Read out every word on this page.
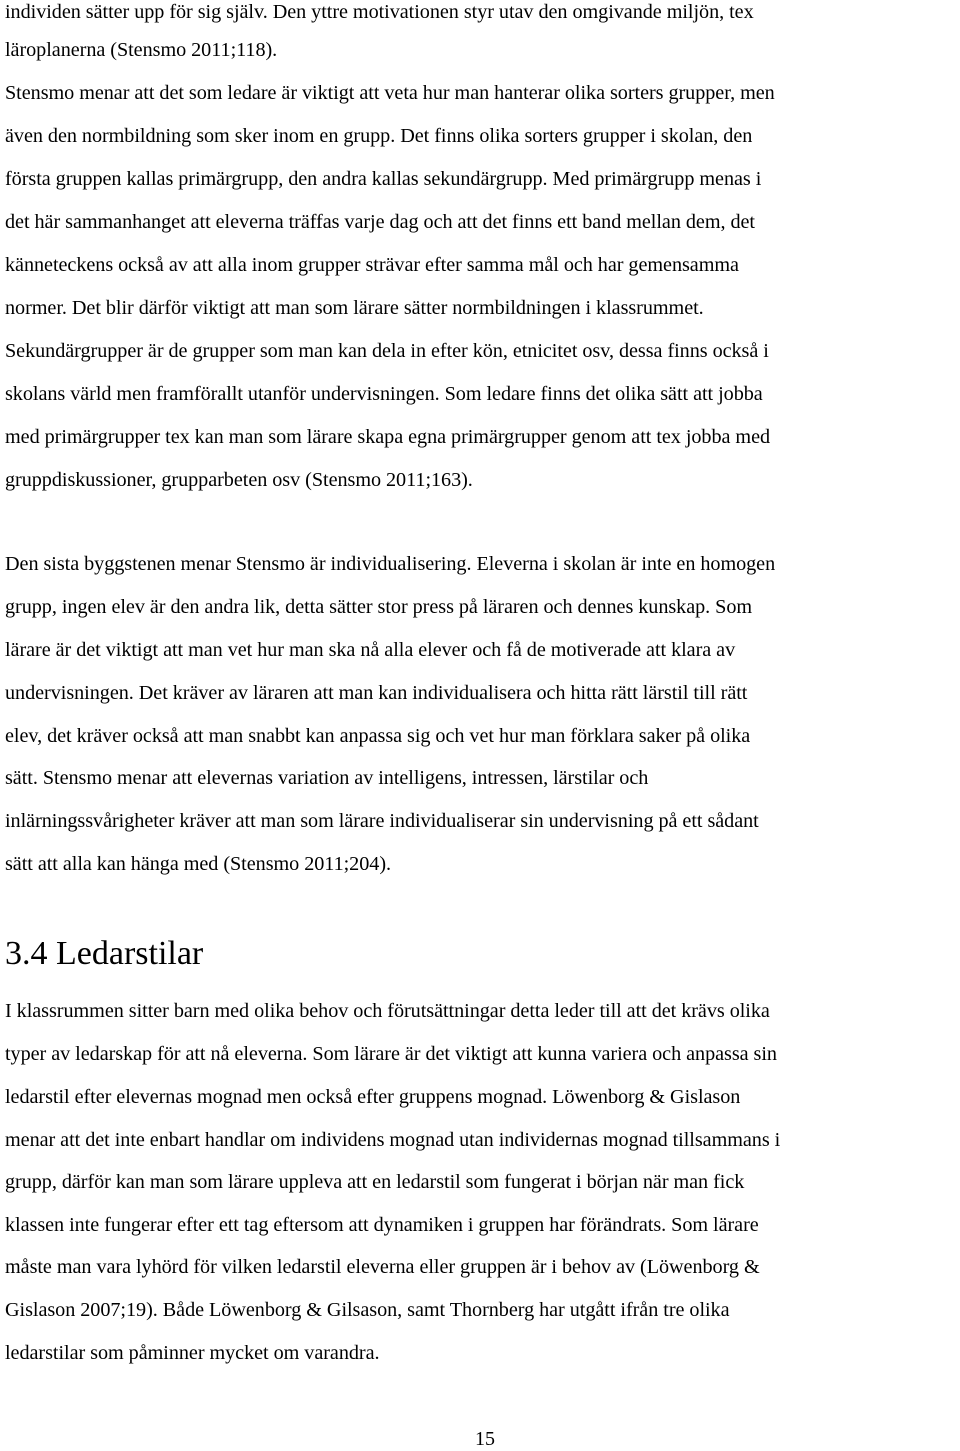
individen sätter upp för sig själv. Den yttre motivationen styr utav den omgivande miljön, tex
läroplanerna (Stensmo 2011;118).
Stensmo menar att det som ledare är viktigt att veta hur man hanterar olika sorters grupper, men
även den normbildning som sker inom en grupp. Det finns olika sorters grupper i skolan, den
första gruppen kallas primärgrupp, den andra kallas sekundärgrupp. Med primärgrupp menas i
det här sammanhanget att eleverna träffas varje dag och att det finns ett band mellan dem, det
känneteckens också av att alla inom grupper strävar efter samma mål och har gemensamma
normer. Det blir därför viktigt att man som lärare sätter normbildningen i klassrummet.
Sekundärgrupper är de grupper som man kan dela in efter kön, etnicitet osv, dessa finns också i
skolans värld men framförallt utanför undervisningen. Som ledare finns det olika sätt att jobba
med primärgrupper tex kan man som lärare skapa egna primärgrupper genom att tex jobba med
gruppdiskussioner, grupparbeten osv (Stensmo 2011;163).
Den sista byggstenen menar Stensmo är individualisering. Eleverna i skolan är inte en homogen
grupp, ingen elev är den andra lik, detta sätter stor press på läraren och dennes kunskap. Som
lärare är det viktigt att man vet hur man ska nå alla elever och få de motiverade att klara av
undervisningen. Det kräver av läraren att man kan individualisera och hitta rätt lärstil till rätt
elev, det kräver också att man snabbt kan anpassa sig och vet hur man förklara saker på olika
sätt. Stensmo menar att elevernas variation av intelligens, intressen, lärstilar och
inlärningssvårigheter kräver att man som lärare individualiserar sin undervisning på ett sådant
sätt att alla kan hänga med (Stensmo 2011;204).
3.4 Ledarstilar
I klassrummen sitter barn med olika behov och förutsättningar detta leder till att det krävs olika
typer av ledarskap för att nå eleverna. Som lärare är det viktigt att kunna variera och anpassa sin
ledarstil efter elevernas mognad men också efter gruppens mognad. Löwenborg & Gislason
menar att det inte enbart handlar om individens mognad utan individernas mognad tillsammans i
grupp, därför kan man som lärare uppleva att en ledarstil som fungerat i början när man fick
klassen inte fungerar efter ett tag eftersom att dynamiken i gruppen har förändrats. Som lärare
måste man vara lyhörd för vilken ledarstil eleverna eller gruppen är i behov av (Löwenborg &
Gislason 2007;19). Både Löwenborg & Gilsason, samt Thornberg har utgått ifrån tre olika
ledarstilar som påminner mycket om varandra.
15
